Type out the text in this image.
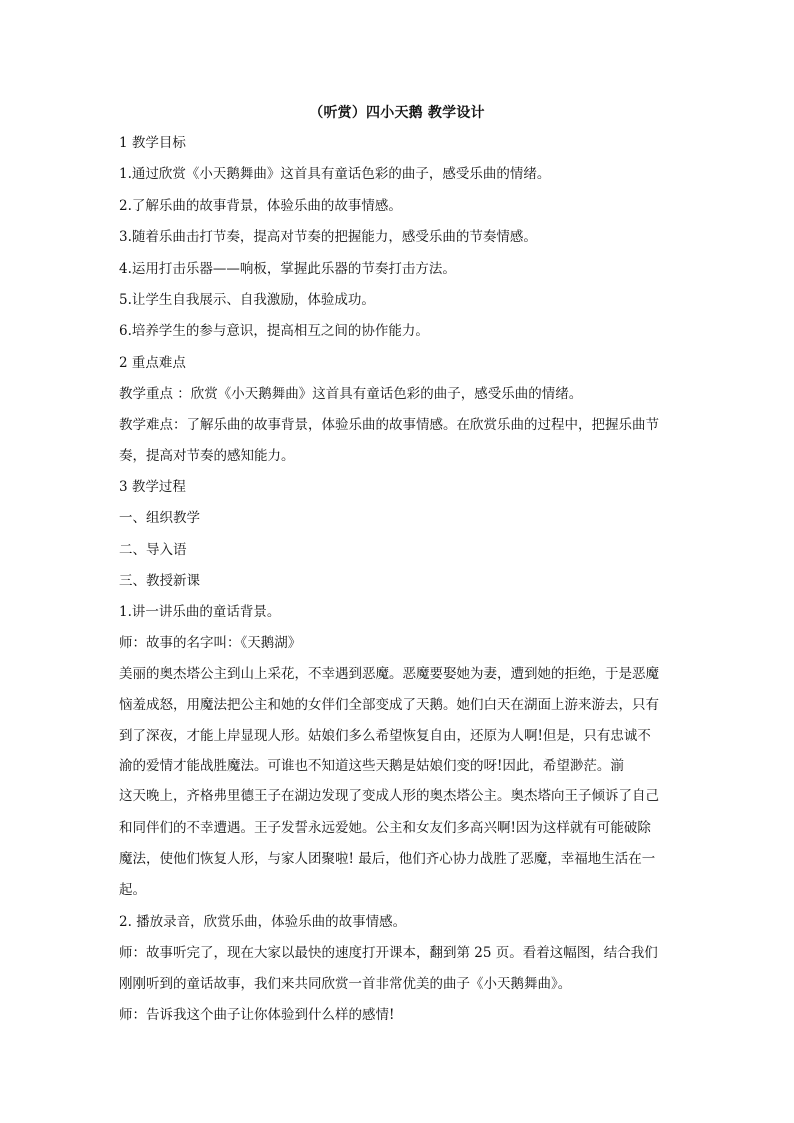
（听赏）四小天鹅 教学设计
1 教学目标
1.通过欣赏《小天鹅舞曲》这首具有童话色彩的曲子，感受乐曲的情绪。
2.了解乐曲的故事背景，体验乐曲的故事情感。
3.随着乐曲击打节奏，提高对节奏的把握能力，感受乐曲的节奏情感。
4.运用打击乐器——响板，掌握此乐器的节奏打击方法。
5.让学生自我展示、自我激励，体验成功。
6.培养学生的参与意识，提高相互之间的协作能力。
2 重点难点
教学重点 ：欣赏《小天鹅舞曲》这首具有童话色彩的曲子，感受乐曲的情绪。
教学难点：了解乐曲的故事背景，体验乐曲的故事情感。在欣赏乐曲的过程中，把握乐曲节
奏，提高对节奏的感知能力。
3 教学过程
一、组织教学
二、导入语
三、教授新课
1.讲一讲乐曲的童话背景。
师：故事的名字叫：《天鹅湖》
美丽的奥杰塔公主到山上采花，不幸遇到恶魔。恶魔要娶她为妻，遭到她的拒绝，于是恶魔
恼羞成怒，用魔法把公主和她的女伴们全部变成了天鹅。她们白天在湖面上游来游去，只有
到了深夜，才能上岸显现人形。姑娘们多么希望恢复自由，还原为人啊!但是，只有忠诚不
渝的爱情才能战胜魔法。可谁也不知道这些天鹅是姑娘们变的呀!因此，希望渺茫。湔
这天晚上，齐格弗里德王子在湖边发现了变成人形的奥杰塔公主。奥杰塔向王子倾诉了自己
和同伴们的不幸遭遇。王子发誓永远爱她。公主和女友们多高兴啊!因为这样就有可能破除
魔法，使他们恢复人形，与家人团聚啦! 最后，他们齐心协力战胜了恶魔，幸福地生活在一
起。
2. 播放录音，欣赏乐曲，体验乐曲的故事情感。
师：故事听完了，现在大家以最快的速度打开课本，翻到第 25 页。看着这幅图，结合我们
刚刚听到的童话故事，我们来共同欣赏一首非常优美的曲子《小天鹅舞曲》。
师：告诉我这个曲子让你体验到什么样的感情!
